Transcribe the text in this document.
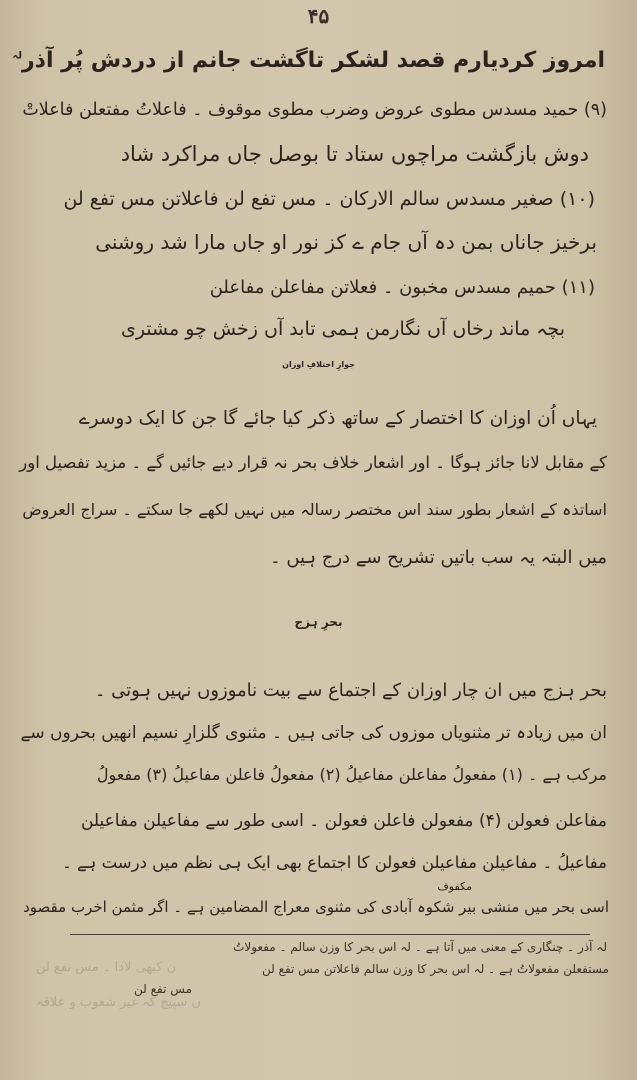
۴۵
امروز کردیارم قصد لشکر تاگشت جانم از دردش پُر آذر$^{لہ}$
(۹) حمید مسدس مطوی عروض وضرب مطوی موقوف ۔ فاعلاتُ مفتعلن فاعلاتْ
دوش بازگشت مراچوں ستاد تا بوصل جاں مراکرد شاد
(۱۰) صغیر مسدس سالم الارکان ۔ مس تفع لن فاعلاتن مس تفع لن
برخیز جاناں بمن دہ آں جام ے کز نور او جاں مارا شد روشنی
(۱۱) حمیم مسدس مخبون ۔ فعلاتن مفاعلن مفاعلن
بچہ ماند رخاں آں نگارمن ہمی تابد آں زخش چو مشتری
جوازِ اختلافِ اوزان
یہاں اُن اوزان کا اختصار کے ساتھ ذکر کیا جائے گا جن کا ایک دوسرے
کے مقابل لانا جائز ہوگا ۔ اور اشعار خلاف بحر نہ قرار دیے جائیں گے ۔ مزید تفصیل اور
اساتذہ کے اشعار بطور سند اس مختصر رسالہ میں نہیں لکھے جا سکتے ۔ سراج العروض
میں البتہ یہ سب باتیں تشریح سے درج ہیں ۔
بحرِ ہزج
بحر ہزج میں ان چار اوزان کے اجتماع سے بیت ناموزوں نہیں ہوتی ۔
ان میں زیادہ تر مثنویاں موزوں کی جاتی ہیں ۔ مثنوی گلزارِ نسیم انھیں بحروں سے
مرکب ہے ۔ (۱) مفعولُ مفاعلن مفاعیلُ (۲) مفعولُ فاعلن مفاعیلُ (۳) مفعولُ
مفاعلن فعولن (۴) مفعولن فاعلن فعولن ۔ اسی طور سے مفاعیلن مفاعیلن
مفاعیلُ ۔ مفاعیلن مفاعیلن فعولن کا اجتماع بھی ایک ہی نظم میں درست ہے ۔
مکفوف
اسی بحر میں منشی بیر شکوہ آبادی کی مثنوی معراج المضامین ہے ۔ اگر مثمن اخرب مقصود
لہ آذر ۔ چنگاری کے معنی میں آتا ہے ۔ لہ اس بحر کا وزن سالم ۔ مفعولاتُ
مستفعلن مفعولاتُ ہے ۔ لہ اس بحر کا وزن سالم فاعلاتن مس تفع لن
مس تفع لن
ن کبھی لادا ۔ مس تفع لن
ں سپیچ کہ غیر شعوب و علاقہ
